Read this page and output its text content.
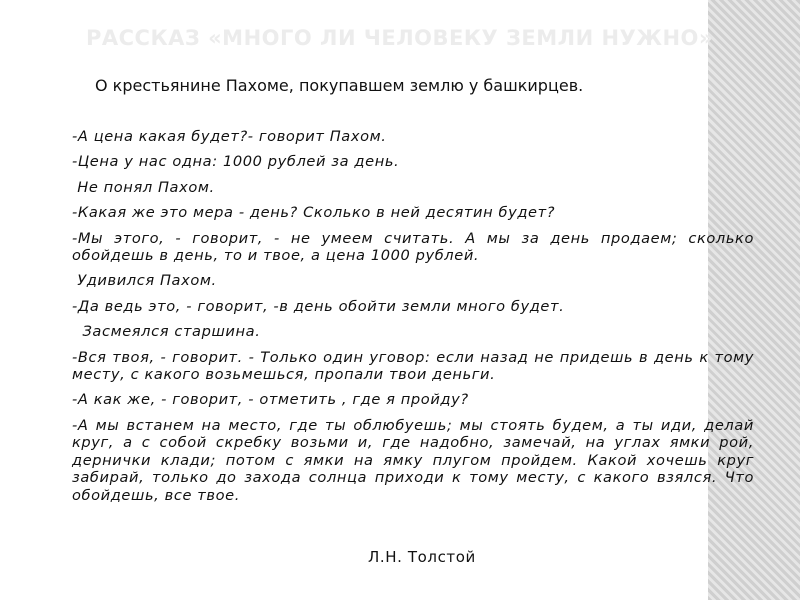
РАССКАЗ «МНОГО ЛИ ЧЕЛОВЕКУ ЗЕМЛИ НУЖНО»
О крестьянине Пахоме, покупавшем землю у башкирцев.

-А цена какая будет?- говорит Пахом.

-Цена у нас одна: 1000 рублей за день.

Не понял Пахом.

-Какая же это мера - день? Сколько в ней десятин будет?

-Мы этого, - говорит, - не умеем считать. А мы за день продаем; сколько обойдешь в день, то и твое, а цена 1000 рублей.

Удивился Пахом.

-Да ведь это, - говорит, -в день обойти земли много будет.

Засмеялся старшина.

-Вся твоя, - говорит. - Только один уговор: если назад не придешь в день к тому месту, с какого возьмешься, пропали твои деньги.

-А как же, - говорит, - отметить , где я пройду?

-А мы встанем на место, где ты облюбуешь; мы стоять будем, а ты иди, делай круг, а с собой скребку возьми и, где надобно, замечай, на углах ямки рой, дернички клади; потом с ямки на ямку плугом пройдем. Какой хочешь круг забирай, только до захода солнца приходи к тому месту, с какого взялся. Что обойдешь, все твое.

Л.Н. Толстой
